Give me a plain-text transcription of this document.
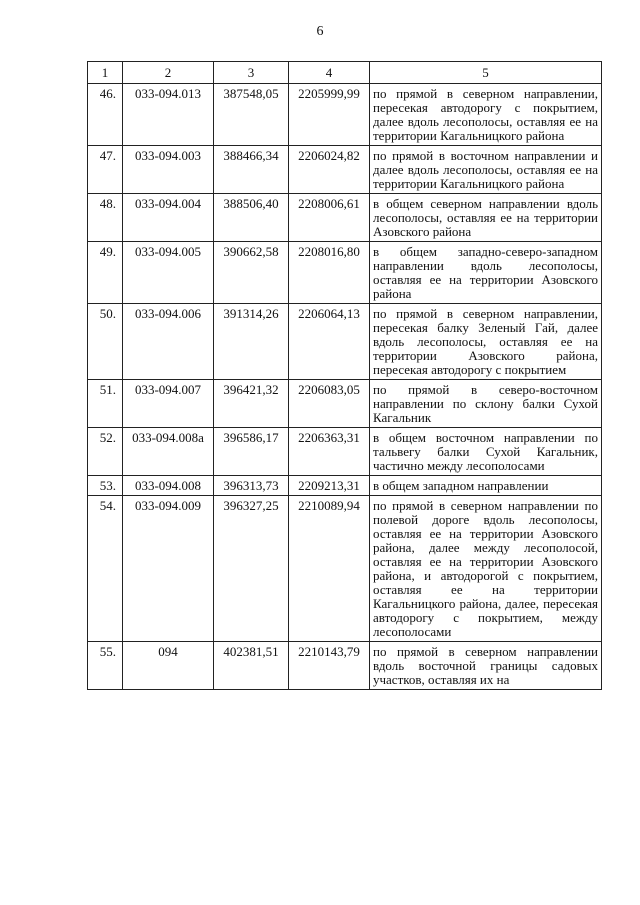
6
1	2	3	4	5
46.	033-094.013	387548,05	2205999,99	по прямой в северном направлении, пересекая автодорогу с покрытием, далее вдоль лесополосы, оставляя ее на территории Кагальницкого района
47.	033-094.003	388466,34	2206024,82	по прямой в восточном направлении и далее вдоль лесополосы, оставляя ее на территории Кагальницкого района
48.	033-094.004	388506,40	2208006,61	в общем северном направлении вдоль лесополосы, оставляя ее на территории Азовского района
49.	033-094.005	390662,58	2208016,80	в общем западно-северо-западном направлении вдоль лесополосы, оставляя ее на территории Азовского района
50.	033-094.006	391314,26	2206064,13	по прямой в северном направлении, пересекая балку Зеленый Гай, далее вдоль лесополосы, оставляя ее на территории Азовского района, пересекая автодорогу с покрытием
51.	033-094.007	396421,32	2206083,05	по прямой в северо-восточном направлении по склону балки Сухой Кагальник
52.	033-094.008а	396586,17	2206363,31	в общем восточном направлении по тальвегу балки Сухой Кагальник, частично между лесополосами
53.	033-094.008	396313,73	2209213,31	в общем западном направлении
54.	033-094.009	396327,25	2210089,94	по прямой в северном направлении по полевой дороге вдоль лесополосы, оставляя ее на территории Азовского района, далее между лесополосой, оставляя ее на территории Азовского района, и автодорогой с покрытием, оставляя ее на территории Кагальницкого района, далее, пересекая автодорогу с покрытием, между лесополосами
55.	094	402381,51	2210143,79	по прямой в северном направлении вдоль восточной границы садовых участков, оставляя их на
